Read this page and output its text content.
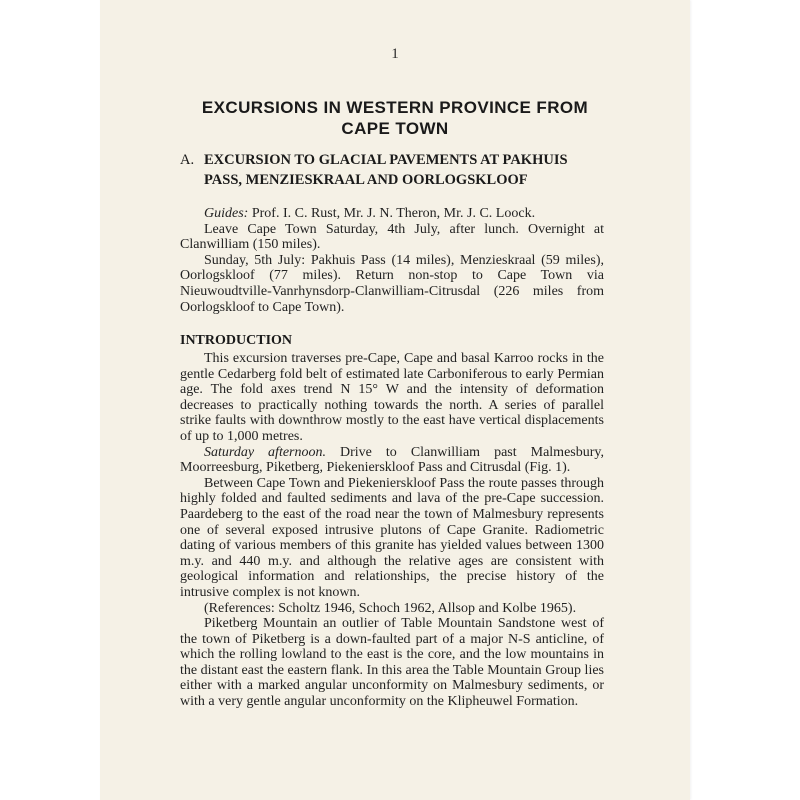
1
EXCURSIONS IN WESTERN PROVINCE FROM
CAPE TOWN
A. EXCURSION TO GLACIAL PAVEMENTS AT PAKHUIS
PASS, MENZIESKRAAL AND OORLOGSKLOOF

Guides: Prof. I. C. Rust, Mr. J. N. Theron, Mr. J. C. Loock.

Leave Cape Town Saturday, 4th July, after lunch. Overnight at Clanwilliam (150 miles).

Sunday, 5th July: Pakhuis Pass (14 miles), Menzieskraal (59 miles), Oorlogskloof (77 miles). Return non-stop to Cape Town via Nieuwoudtville-Vanrhynsdorp-Clanwilliam-Citrusdal (226 miles from Oorlogskloof to Cape Town).

INTRODUCTION

This excursion traverses pre-Cape, Cape and basal Karroo rocks in the gentle Cedarberg fold belt of estimated late Carboniferous to early Permian age. The fold axes trend N 15° W and the intensity of deformation decreases to practically nothing towards the north. A series of parallel strike faults with downthrow mostly to the east have vertical displacements of up to 1,000 metres.

Saturday afternoon. Drive to Clanwilliam past Malmesbury, Moorreesburg, Piketberg, Piekenierskloof Pass and Citrusdal (Fig. 1).

Between Cape Town and Piekenierskloof Pass the route passes through highly folded and faulted sediments and lava of the pre-Cape succession. Paardeberg to the east of the road near the town of Malmesbury represents one of several exposed intrusive plutons of Cape Granite. Radiometric dating of various members of this granite has yielded values between 1300 m.y. and 440 m.y. and although the relative ages are consistent with geological information and relationships, the precise history of the intrusive complex is not known.

(References: Scholtz 1946, Schoch 1962, Allsop and Kolbe 1965).

Piketberg Mountain an outlier of Table Mountain Sandstone west of the town of Piketberg is a down-faulted part of a major N-S anticline, of which the rolling lowland to the east is the core, and the low mountains in the distant east the eastern flank. In this area the Table Mountain Group lies either with a marked angular unconformity on Malmesbury sediments, or with a very gentle angular unconformity on the Klipheuwel Formation.
